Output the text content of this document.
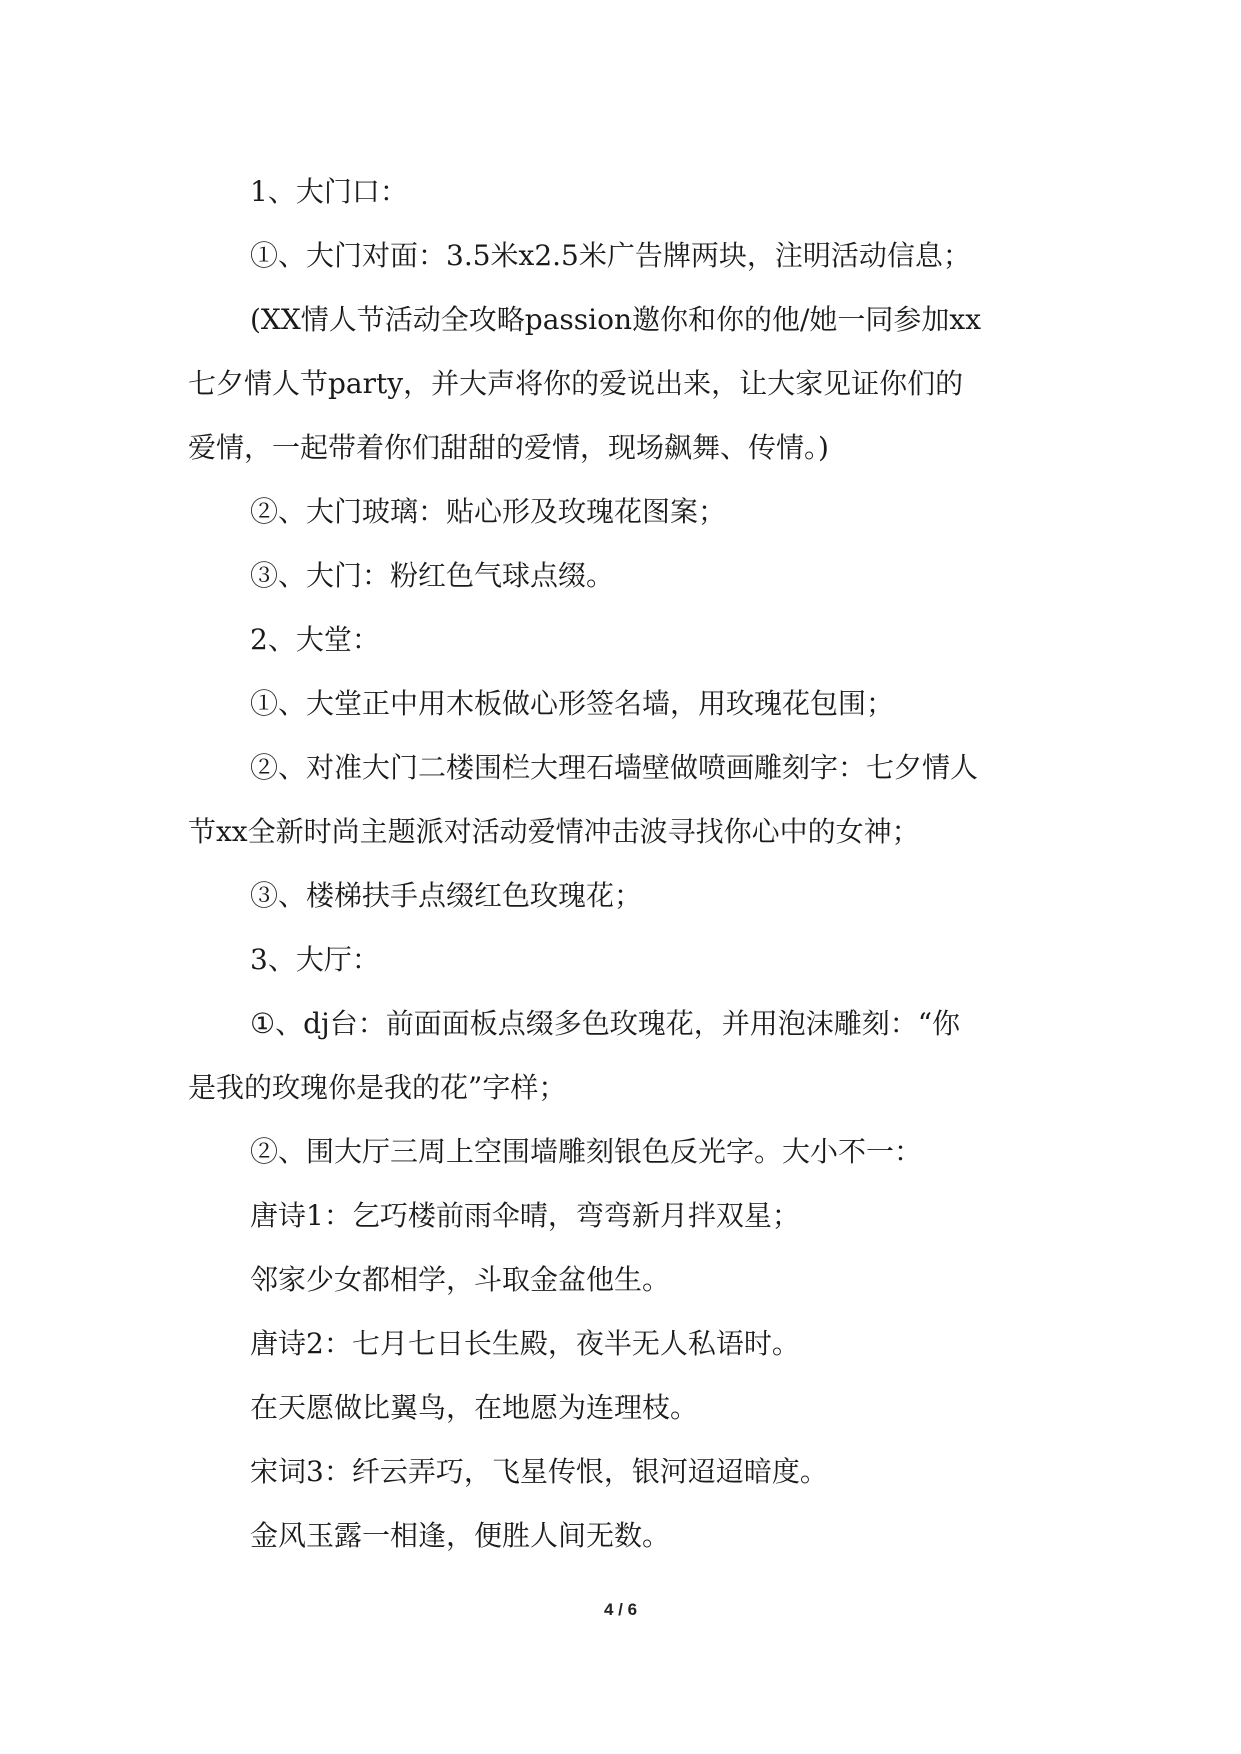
1、大门口：

①、大门对面：3.5米x2.5米广告牌两块，注明活动信息；

(XX情人节活动全攻略passion邀你和你的他/她一同参加xx

七夕情人节party，并大声将你的爱说出来，让大家见证你们的

爱情，一起带着你们甜甜的爱情，现场飙舞、传情。)

②、大门玻璃：贴心形及玫瑰花图案；

③、大门：粉红色气球点缀。

2、大堂：

①、大堂正中用木板做心形签名墙，用玫瑰花包围；

②、对准大门二楼围栏大理石墙壁做喷画雕刻字：七夕情人

节xx全新时尚主题派对活动爱情冲击波寻找你心中的女神；

③、楼梯扶手点缀红色玫瑰花；

3、大厅：

①、dj台：前面面板点缀多色玫瑰花，并用泡沫雕刻：“你

是我的玫瑰你是我的花”字样；

②、围大厅三周上空围墙雕刻银色反光字。大小不一：

唐诗1：乞巧楼前雨伞晴，弯弯新月拌双星；

邻家少女都相学，斗取金盆他生。

唐诗2：七月七日长生殿，夜半无人私语时。

在天愿做比翼鸟，在地愿为连理枝。

宋词3：纤云弄巧，飞星传恨，银河迢迢暗度。

金风玉露一相逢，便胜人间无数。

4 / 6
